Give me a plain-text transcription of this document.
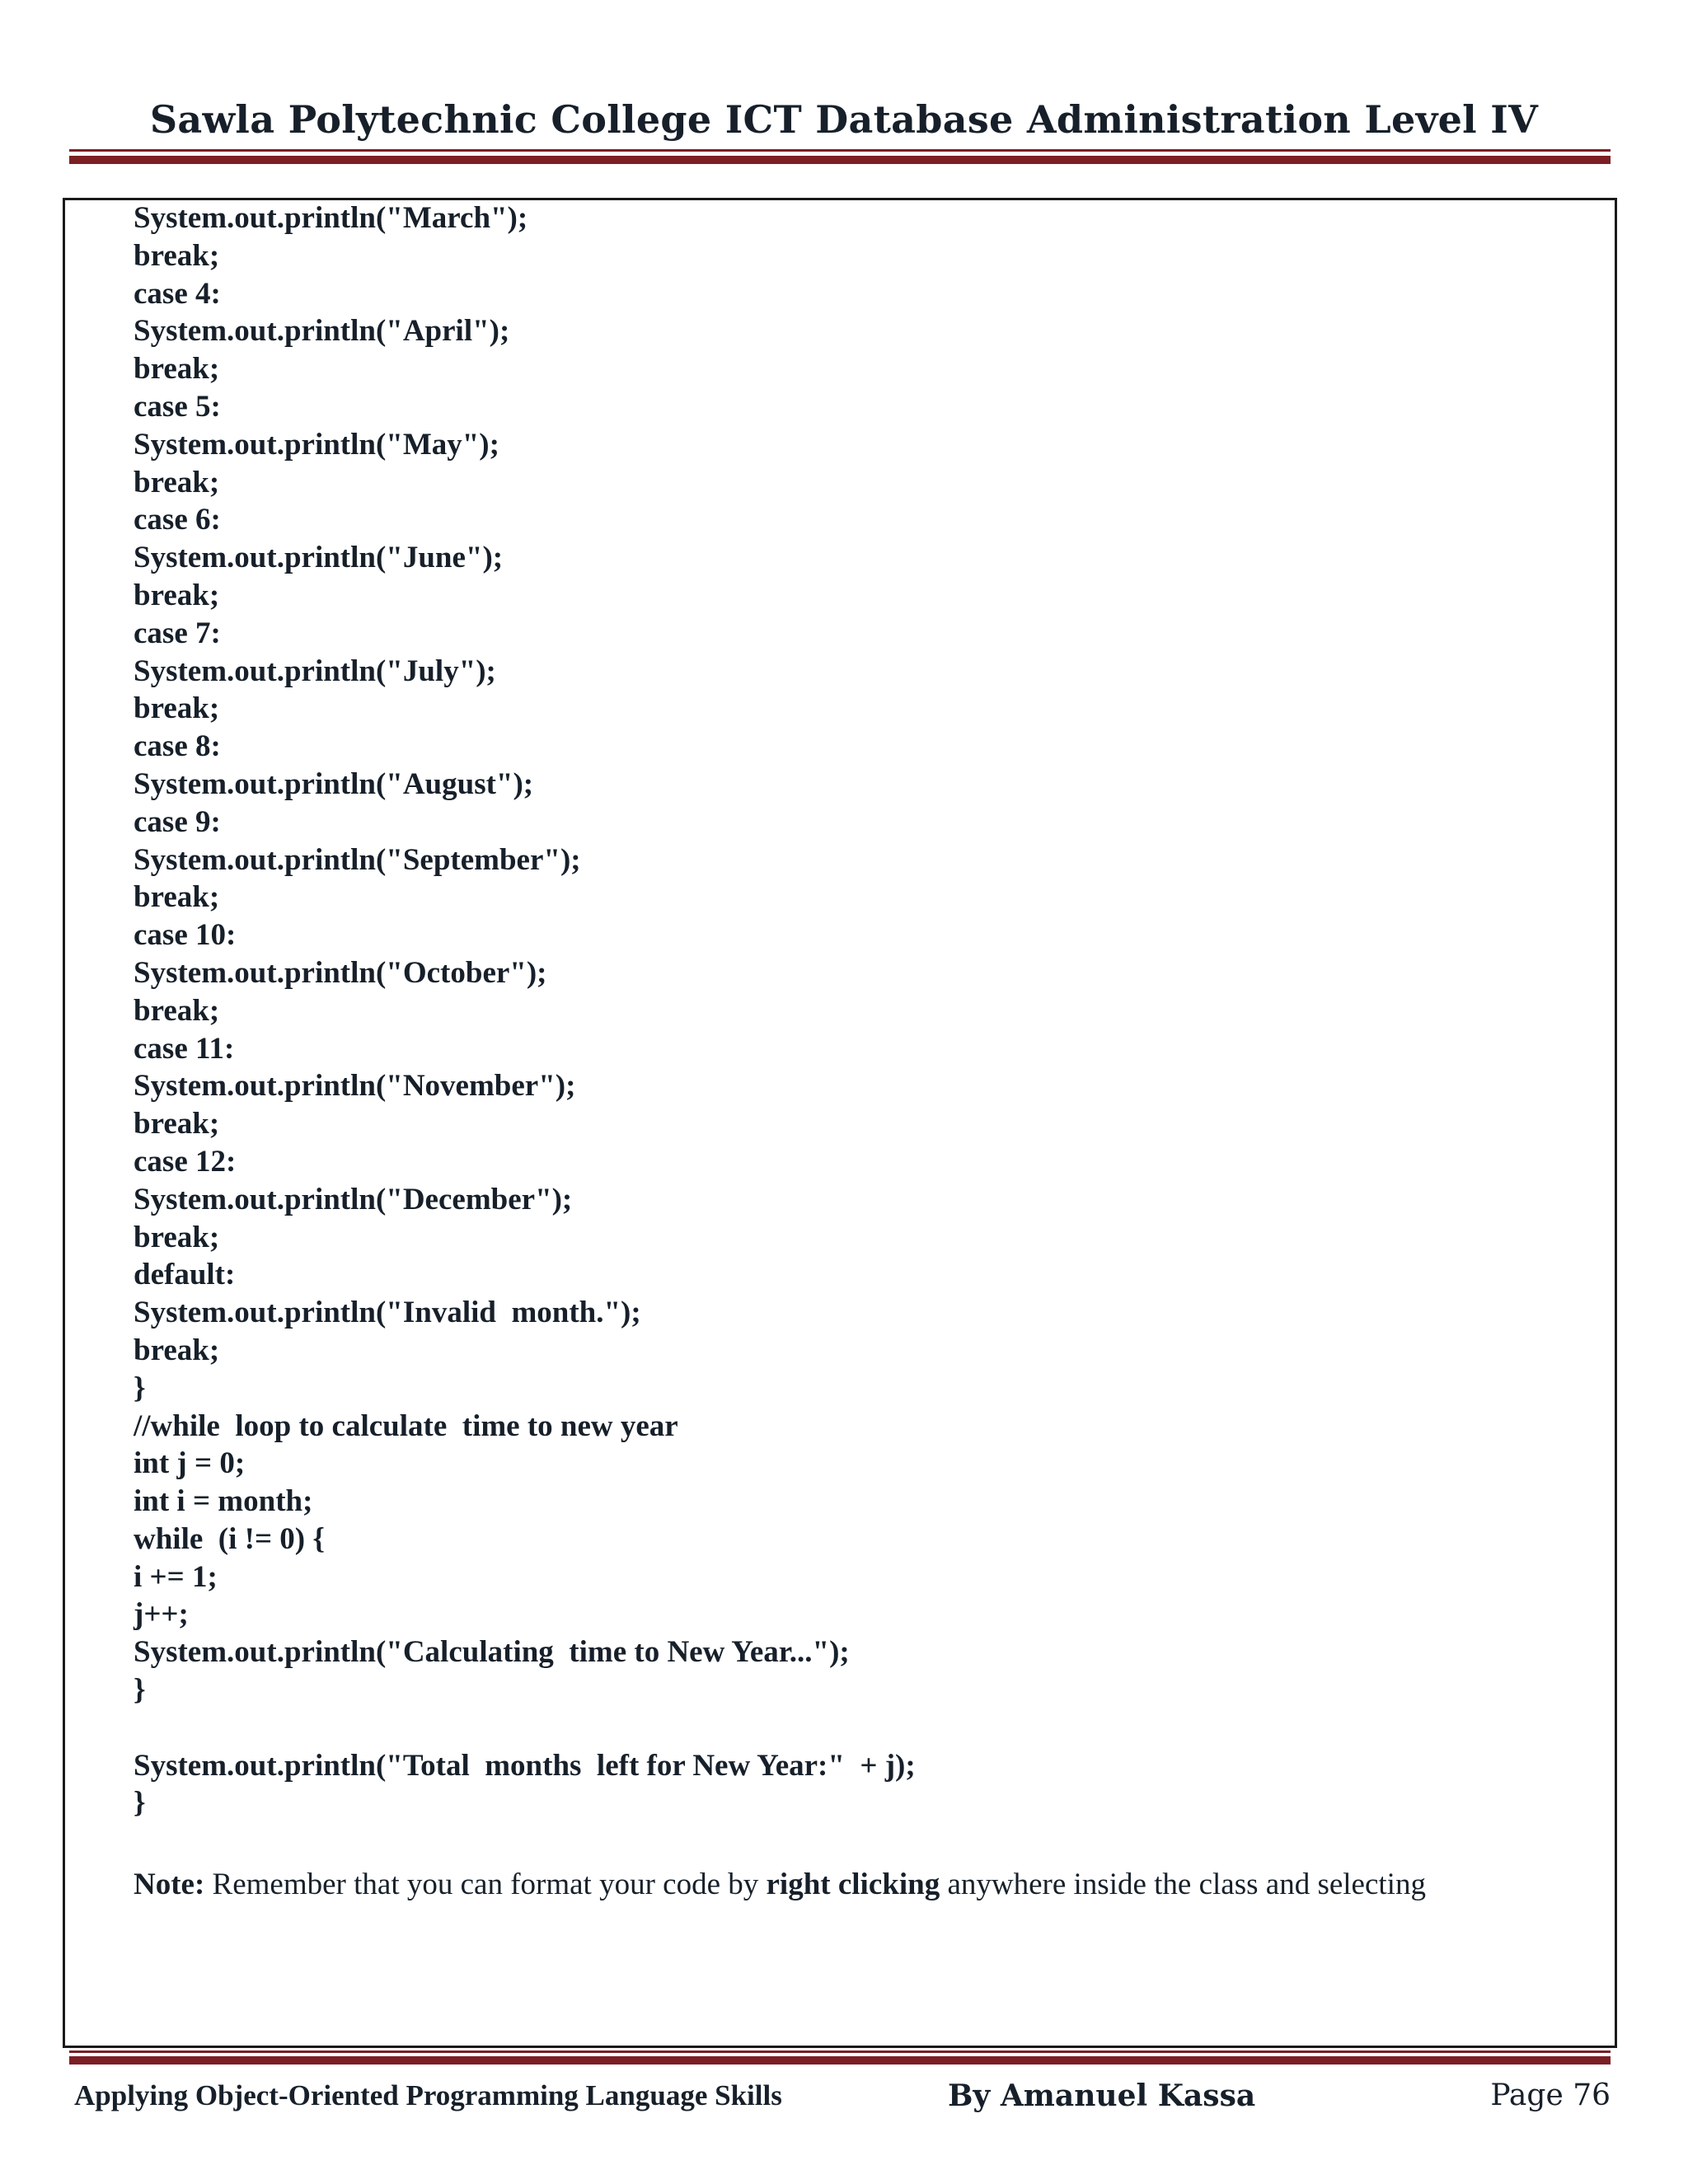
Sawla Polytechnic College ICT Database Administration Level IV
System.out.println("March");
break;
case 4:
System.out.println("April");
break;
case 5:
System.out.println("May");
break;
case 6:
System.out.println("June");
break;
case 7:
System.out.println("July");
break;
case 8:
System.out.println("August");
case 9:
System.out.println("September");
break;
case 10:
System.out.println("October");
break;
case 11:
System.out.println("November");
break;
case 12:
System.out.println("December");
break;
default:
System.out.println("Invalid  month.");
break;
}
//while  loop to calculate  time to new year
int j = 0;
int i = month;
while  (i != 0) {
i += 1;
j++;
System.out.println("Calculating  time to New Year...");
}
System.out.println("Total  months  left for New Year:"  + j);
}
Note: Remember that you can format your code by right clicking anywhere inside the class and selecting
Applying Object-Oriented Programming Language Skills	By Amanuel Kassa	Page 76
